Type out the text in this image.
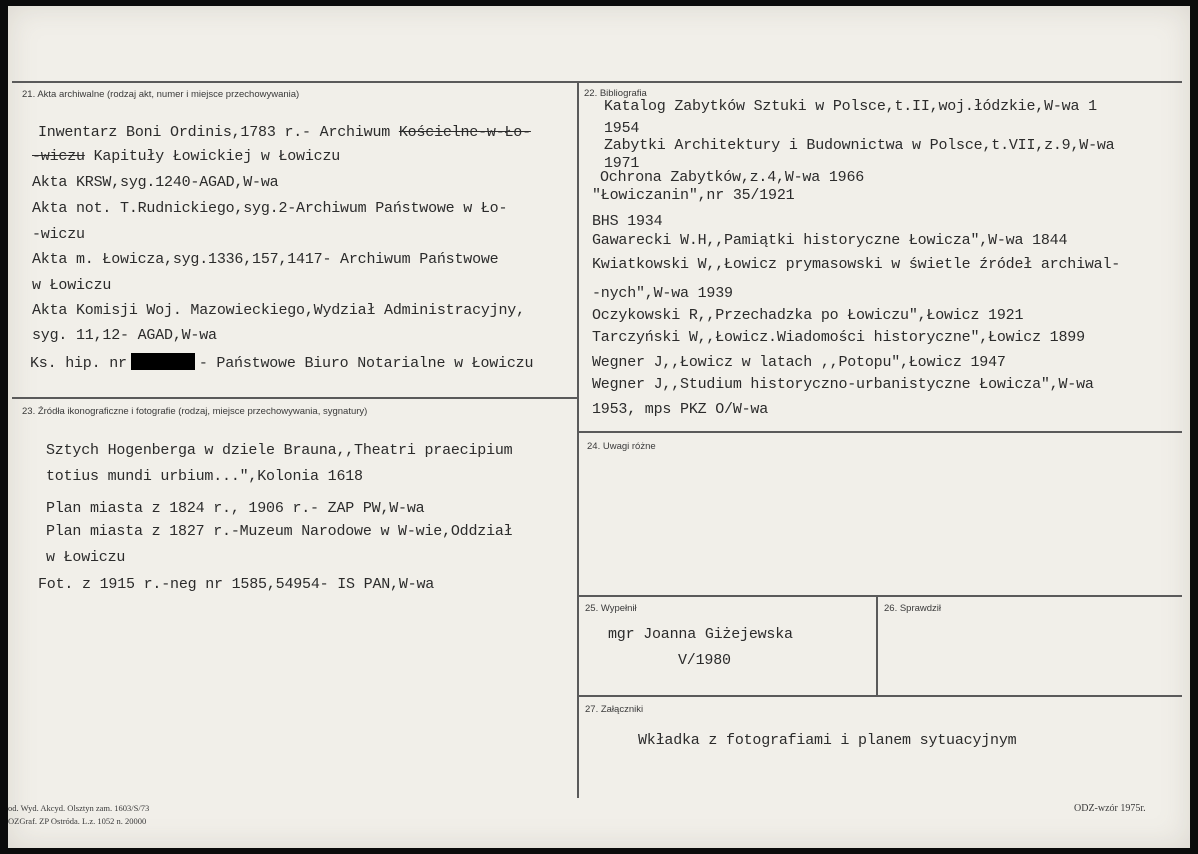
21. Akta archiwalne (rodzaj akt, numer i miejsce przechowywania)
Inwentarz Boni Ordinis,1783 r.- Archiwum Kościelne-w-Ło-
-wiczu Kapituły Łowickiej w Łowiczu
Akta KRSW,syg.1240-AGAD,W-wa
Akta not. T.Rudnickiego,syg.2-Archiwum Państwowe w Ło-
-wiczu
Akta m. Łowicza,syg.1336,157,1417- Archiwum Państwowe
w Łowiczu
Akta Komisji Woj. Mazowieckiego,Wydział Administracyjny,
syg. 11,12- AGAD,W-wa
Ks. hip. nr	- Państwowe Biuro Notarialne w Łowiczu
22. Bibliografia
Katalog Zabytków Sztuki w Polsce,t.II,woj.łódzkie,W-wa 1
1954
Zabytki Architektury i Budownictwa w Polsce,t.VII,z.9,W-wa
1971
Ochrona Zabytków,z.4,W-wa 1966
"Łowiczanin",nr 35/1921
BHS 1934
Gawarecki W.H,,Pamiątki historyczne Łowicza",W-wa 1844
Kwiatkowski W,,Łowicz prymasowski w świetle źródeł archiwal-
-nych",W-wa 1939
Oczykowski R,,Przechadzka po Łowiczu",Łowicz 1921
Tarczyński W,,Łowicz.Wiadomości historyczne",Łowicz 1899
Wegner J,,Łowicz w latach ,,Potopu",Łowicz 1947
Wegner J,,Studium historyczno-urbanistyczne Łowicza",W-wa
1953, mps PKZ O/W-wa
23. Źródła ikonograficzne i fotografie (rodzaj, miejsce przechowywania, sygnatury)
Sztych Hogenberga w dziele Brauna,,Theatri praecipium
totius mundi urbium...",Kolonia 1618
Plan miasta z 1824 r., 1906 r.- ZAP PW,W-wa
Plan miasta z 1827 r.-Muzeum Narodowe w W-wie,Oddział
w Łowiczu
Fot. z 1915 r.-neg nr 1585,54954- IS PAN,W-wa
24. Uwagi różne
25. Wypełnił
mgr Joanna Giżejewska
V/1980
26. Sprawdził
27. Załączniki
Wkładka z fotografiami i planem sytuacyjnym
od. Wyd. Akcyd. Olsztyn zam. 1603/S/73
OZGraf. ZP Ostróda. L.z. 1052 n. 20000
ODZ-wzór 1975r.
